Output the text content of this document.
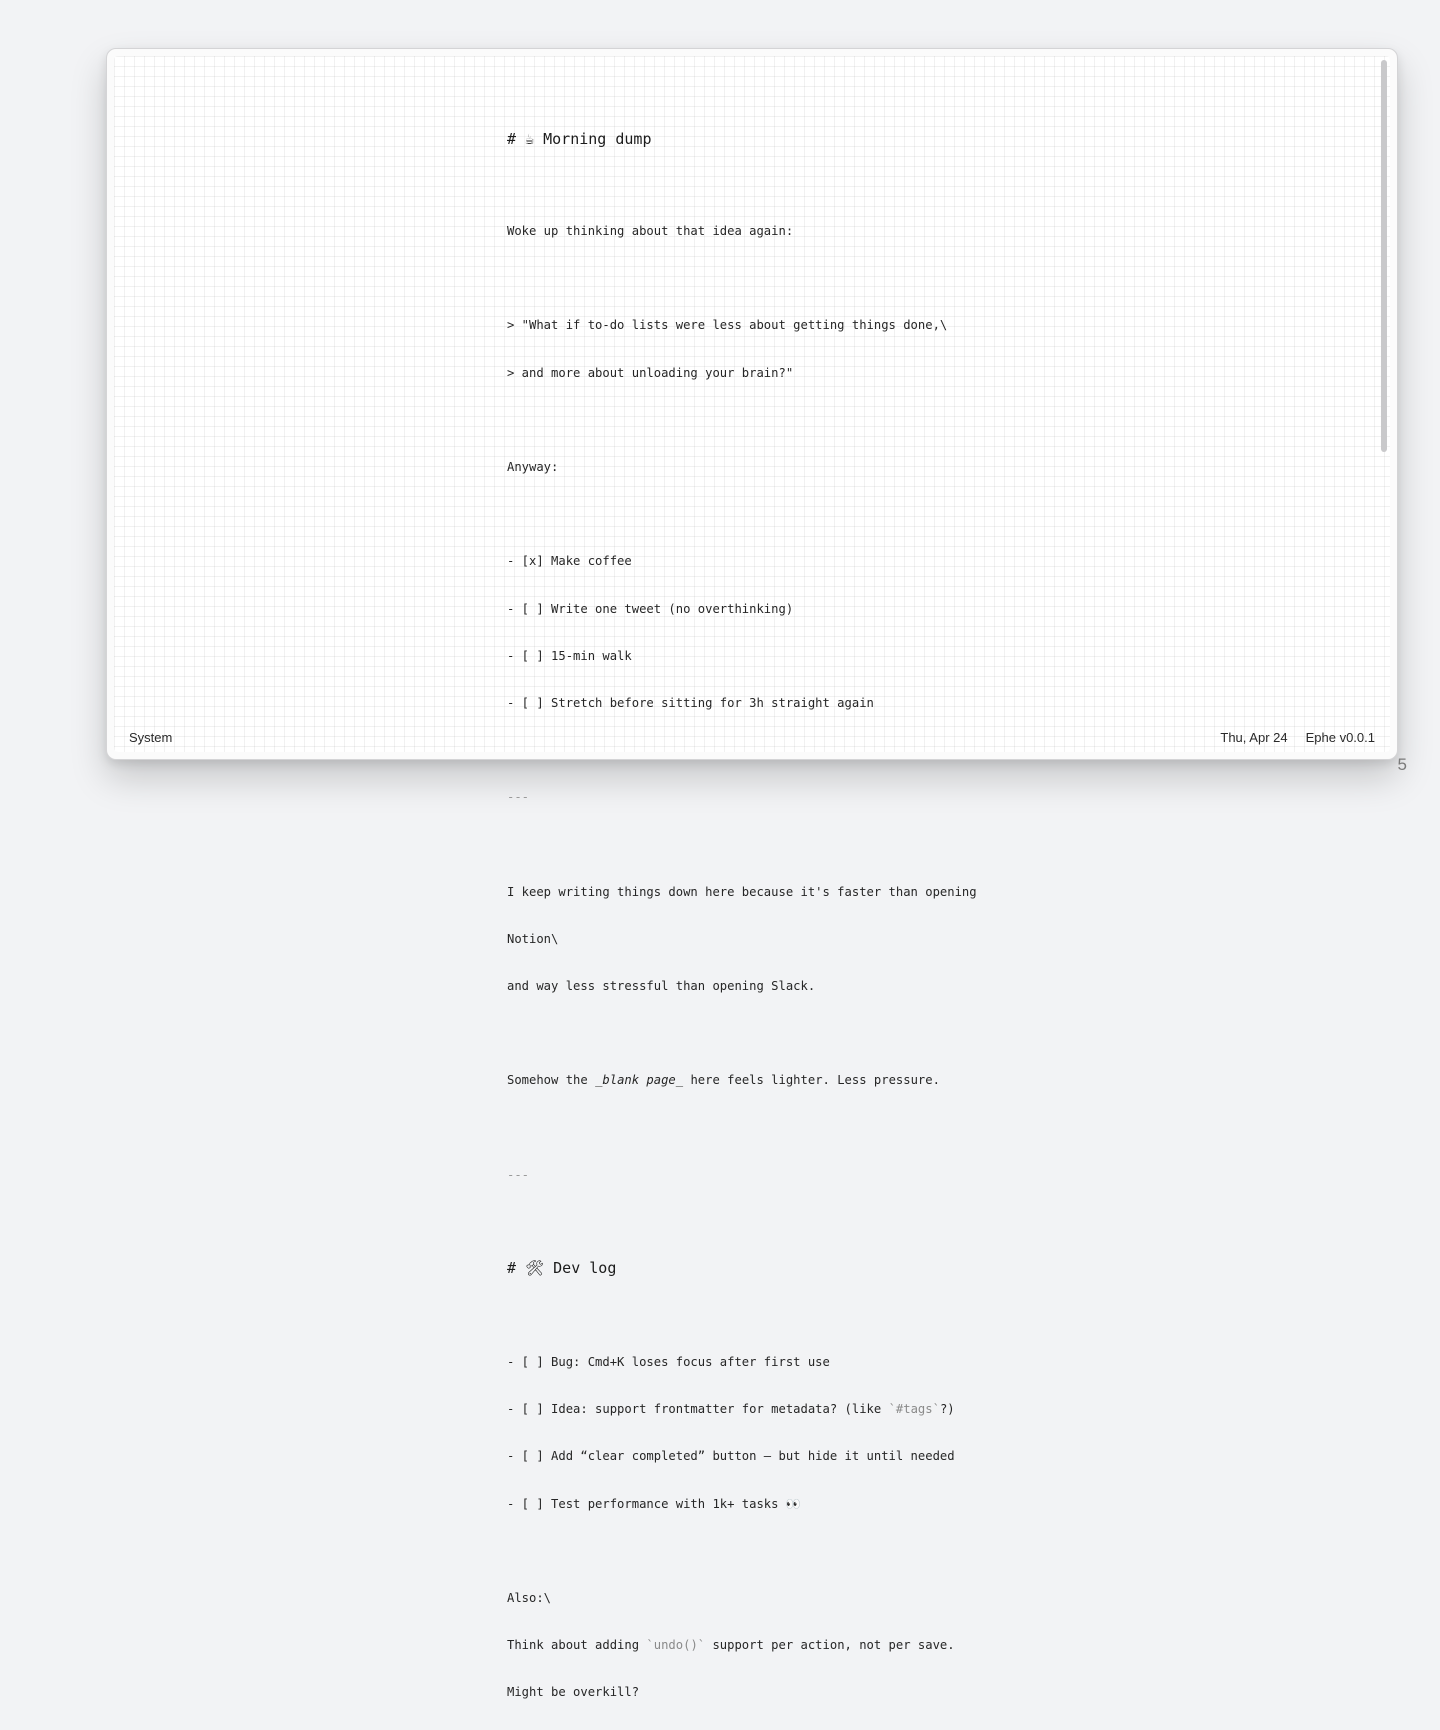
# ☕ Morning dump

Woke up thinking about that idea again:

> "What if to-do lists were less about getting things done,\

> and more about unloading your brain?"

Anyway:

- [x] Make coffee

- [ ] Write one tweet (no overthinking)

- [ ] 15-min walk

- [ ] Stretch before sitting for 3h straight again

---

I keep writing things down here because it's faster than opening

Notion\

and way less stressful than opening Slack.

Somehow the _blank page_ here feels lighter. Less pressure.

---

# 🛠 Dev log

- [ ] Bug: Cmd+K loses focus after first use

- [ ] Idea: support frontmatter for metadata? (like `#tags`?)

- [ ] Add “clear completed” button — but hide it until needed

- [ ] Test performance with 1k+ tasks 👀

Also:\

Think about adding `undo()` support per action, not per save.

Might be overkill?

System	Thu, Apr 24 Ephe v0.0.1
5
